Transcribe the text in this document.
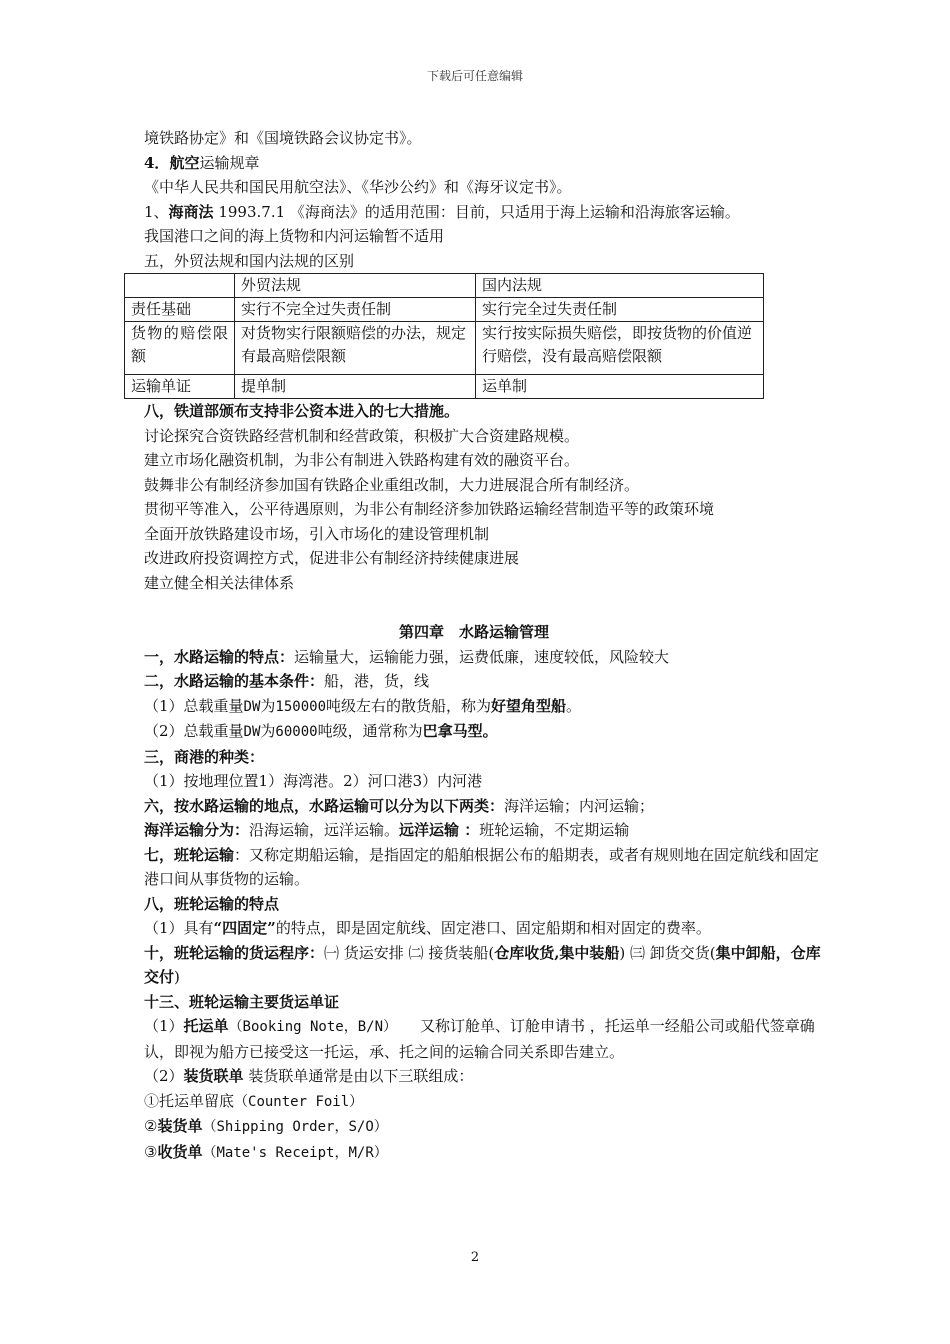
下载后可任意编辑
境铁路协定》和《国境铁路会议协定书》。
4．航空运输规章
《中华人民共和国民用航空法》、《华沙公约》和《海牙议定书》。
1、海商法 1993.7.1 《海商法》的适用范围：目前，只适用于海上运输和沿海旅客运输。
我国港口之间的海上货物和内河运输暂不适用
五，外贸法规和国内法规的区别
	外贸法规	国内法规
责任基础	实行不完全过失责任制	实行完全过失责任制
货物的赔偿限额	对货物实行限额赔偿的办法，规定有最高赔偿限额	实行按实际损失赔偿，即按货物的价值逆行赔偿，没有最高赔偿限额
运输单证	提单制	运单制
八，铁道部颁布支持非公资本进入的七大措施。
讨论探究合资铁路经营机制和经营政策，积极扩大合资建路规模。
建立市场化融资机制，为非公有制进入铁路构建有效的融资平台。
鼓舞非公有制经济参加国有铁路企业重组改制，大力进展混合所有制经济。
贯彻平等准入，公平待遇原则，为非公有制经济参加铁路运输经营制造平等的政策环境
全面开放铁路建设市场，引入市场化的建设管理机制
改进政府投资调控方式，促进非公有制经济持续健康进展
建立健全相关法律体系
第四章　水路运输管理
一，水路运输的特点：运输量大，运输能力强，运费低廉，速度较低，风险较大
二，水路运输的基本条件：船，港，货，线
（1）总载重量DW为150000吨级左右的散货船，称为好望角型船。
（2）总载重量DW为60000吨级，通常称为巴拿马型。
三，商港的种类：
（1）按地理位置1）海湾港。2）河口港3）内河港
六，按水路运输的地点，水路运输可以分为以下两类：海洋运输；内河运输；
海洋运输分为：沿海运输，远洋运输。远洋运输 ：班轮运输，不定期运输
七，班轮运输：又称定期船运输，是指固定的船舶根据公布的船期表，或者有规则地在固定航线和固定港口间从事货物的运输。
八，班轮运输的特点
（1）具有“四固定”的特点，即是固定航线、固定港口、固定船期和相对固定的费率。
十，班轮运输的货运程序：㈠ 货运安排 ㈡ 接货装船(仓库收货,集中装船) ㈢ 卸货交货(集中卸船，仓库交付)
十三、班轮运输主要货运单证
（1）托运单（Booking Note，B/N）　　又称订舱单、订舱申请书 ，托运单一经船公司或船代签章确认，即视为船方已接受这一托运，承、托之间的运输合同关系即告建立。
（2）装货联单 装货联单通常是由以下三联组成：
①托运单留底（Counter Foil）
②装货单（Shipping Order，S/O）
③收货单（Mate's Receipt，M/R）
2
